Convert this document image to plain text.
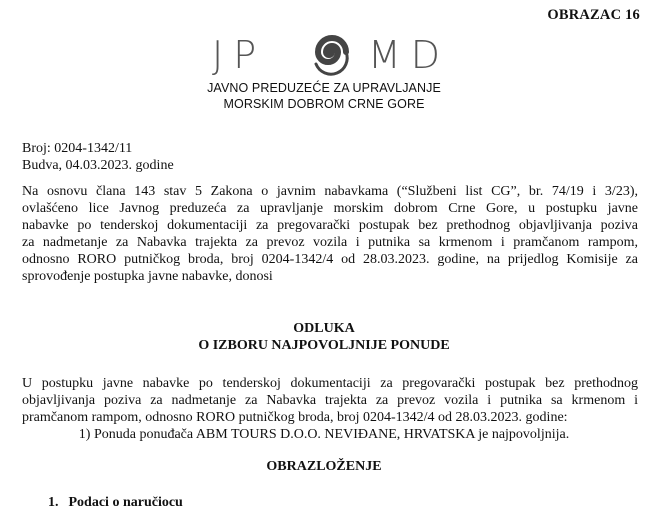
OBRAZAC 16
JP	MD
JAVNO PREDUZEĆE ZA UPRAVLJANJE
MORSKIM DOBROM CRNE GORE
Broj: 0204-1342/11
Budva, 04.03.2023. godine
Na osnovu člana 143 stav 5 Zakona o javnim nabavkama (“Službeni list CG”, br. 74/19 i 3/23),
ovlašćeno lice Javnog preduzeća za upravljanje morskim dobrom Crne Gore, u postupku javne
nabavke po tenderskoj dokumentaciji za pregovarački postupak bez prethodnog objavljivanja poziva
za nadmetanje za Nabavka trajekta za prevoz vozila i putnika sa krmenom i pramčanom rampom,
odnosno RORO putničkog broda, broj 0204-1342/4 od 28.03.2023. godine, na prijedlog Komisije za
sprovođenje postupka javne nabavke, donosi
ODLUKA
O IZBORU NAJPOVOLJNIJE PONUDE
U postupku javne nabavke po tenderskoj dokumentaciji za pregovarački postupak bez prethodnog
objavljivanja poziva za nadmetanje za Nabavka trajekta za prevoz vozila i putnika sa krmenom i
pramčanom rampom, odnosno RORO putničkog broda, broj 0204-1342/4 od 28.03.2023. godine:
1) Ponuda ponuđača ABM TOURS D.O.O. NEVIĐANE, HRVATSKA je najpovoljnija.
OBRAZLOŽENJE
1. Podaci o naručiocu
